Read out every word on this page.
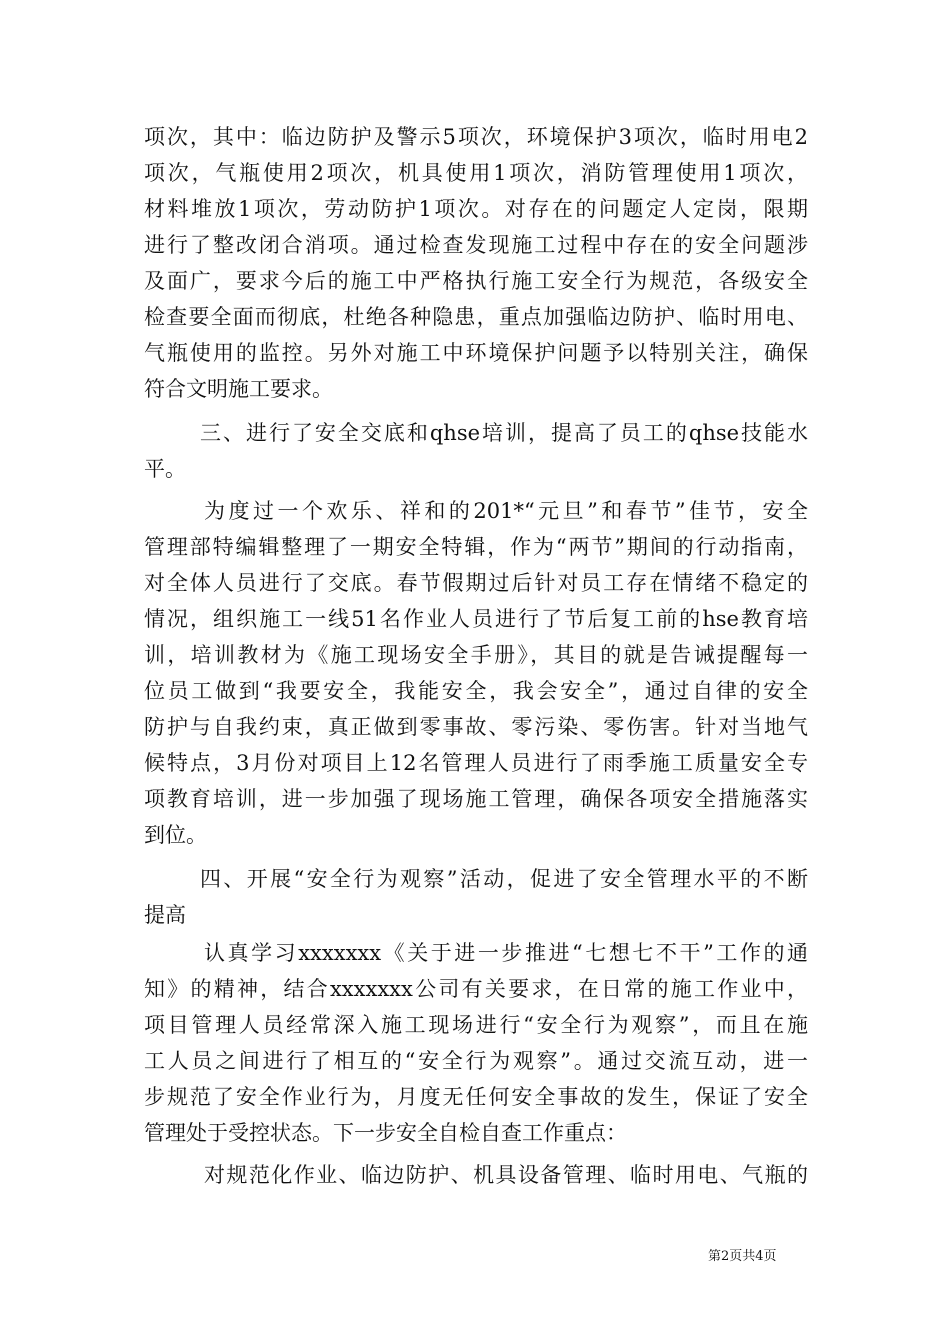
项次，其中：临边防护及警示5项次，环境保护3项次，临时用电2
项次，气瓶使用2项次，机具使用1项次，消防管理使用1项次，
材料堆放1项次，劳动防护1项次。对存在的问题定人定岗，限期
进行了整改闭合消项。通过检查发现施工过程中存在的安全问题涉
及面广，要求今后的施工中严格执行施工安全行为规范，各级安全
检查要全面而彻底，杜绝各种隐患，重点加强临边防护、临时用电、
气瓶使用的监控。另外对施工中环境保护问题予以特别关注，确保
符合文明施工要求。
三、进行了安全交底和qhse培训，提高了员工的qhse技能水
平。
为度过一个欢乐、祥和的201*“元旦”和春节”佳节，安全
管理部特编辑整理了一期安全特辑，作为“两节”期间的行动指南，
对全体人员进行了交底。春节假期过后针对员工存在情绪不稳定的
情况，组织施工一线51名作业人员进行了节后复工前的hse教育培
训，培训教材为《施工现场安全手册》，其目的就是告诫提醒每一
位员工做到“我要安全，我能安全，我会安全”，通过自律的安全
防护与自我约束，真正做到零事故、零污染、零伤害。针对当地气
候特点，3月份对项目上12名管理人员进行了雨季施工质量安全专
项教育培训，进一步加强了现场施工管理，确保各项安全措施落实
到位。
四、开展“安全行为观察”活动，促进了安全管理水平的不断
提高
认真学习xxxxxxx《关于进一步推进“七想七不干”工作的通
知》的精神，结合xxxxxxx公司有关要求，在日常的施工作业中，
项目管理人员经常深入施工现场进行“安全行为观察”，而且在施
工人员之间进行了相互的“安全行为观察”。通过交流互动，进一
步规范了安全作业行为，月度无任何安全事故的发生，保证了安全
管理处于受控状态。下一步安全自检自查工作重点：
对规范化作业、临边防护、机具设备管理、临时用电、气瓶的
第2页共4页
